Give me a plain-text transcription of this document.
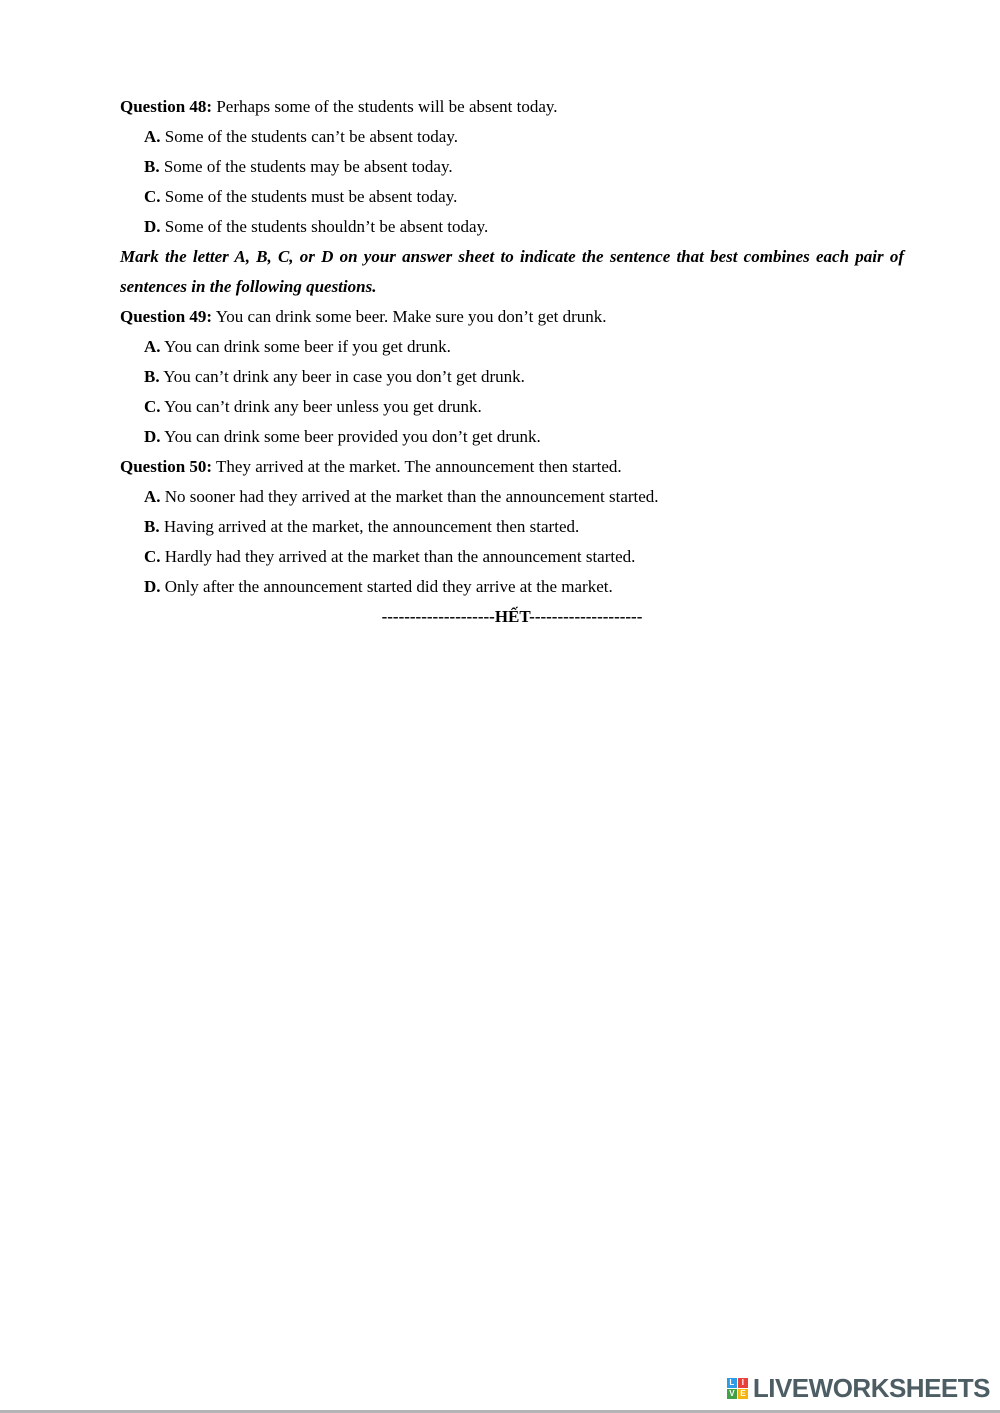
Question 48: Perhaps some of the students will be absent today.

A. Some of the students can’t be absent today.

B. Some of the students may be absent today.

C. Some of the students must be absent today.

D. Some of the students shouldn’t be absent today.

Mark the letter A, B, C, or D on your answer sheet to indicate the sentence that best combines each pair of sentences in the following questions.

Question 49: You can drink some beer. Make sure you don’t get drunk.

A. You can drink some beer if you get drunk.

B. You can’t drink any beer in case you don’t get drunk.

C. You can’t drink any beer unless you get drunk.

D. You can drink some beer provided you don’t get drunk.

Question 50: They arrived at the market. The announcement then started.

A. No sooner had they arrived at the market than the announcement started.

B. Having arrived at the market, the announcement then started.

C. Hardly had they arrived at the market than the announcement started.

D. Only after the announcement started did they arrive at the market.

--------------------HẾT--------------------

L I
V E LIVEWORKSHEETS
